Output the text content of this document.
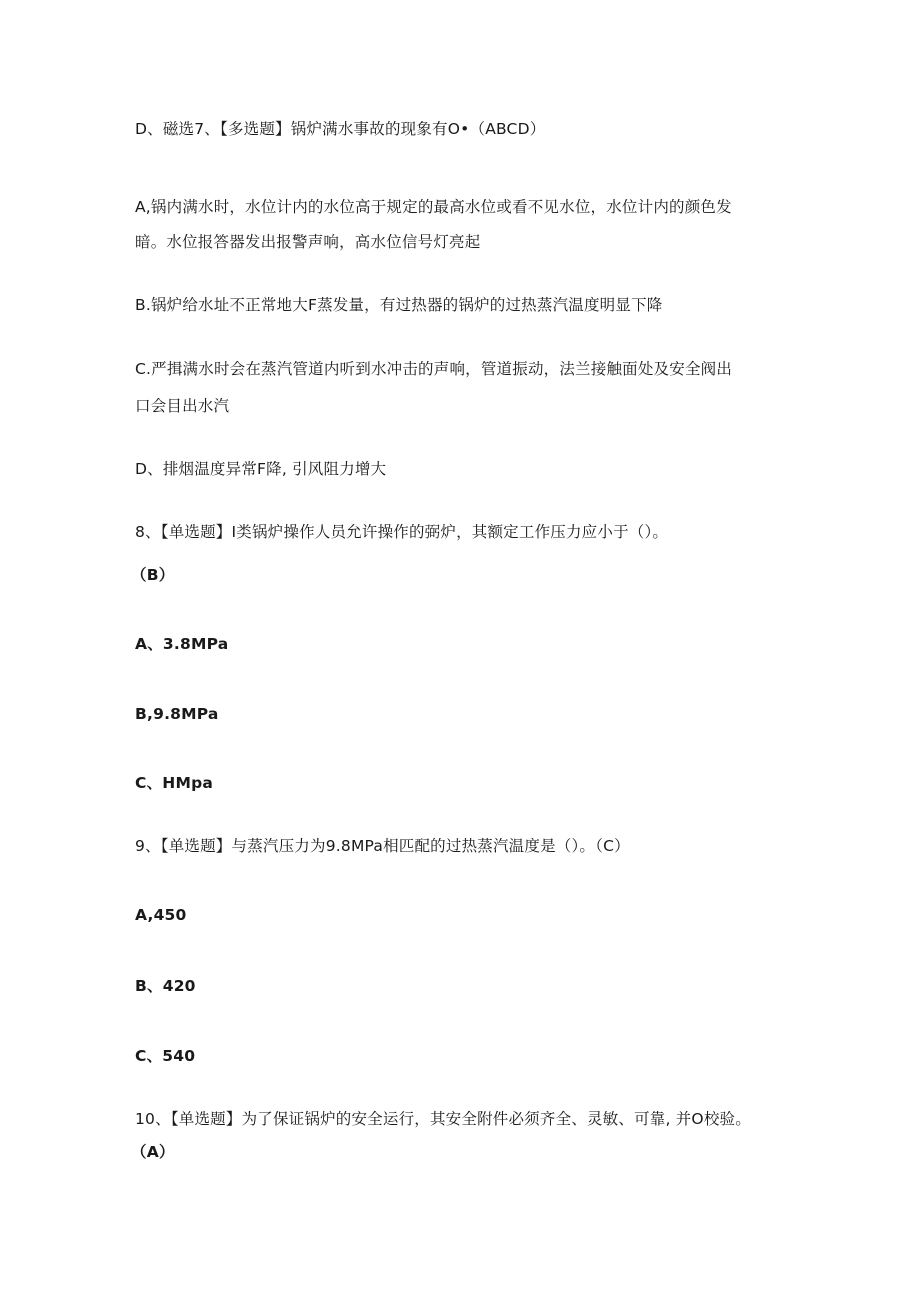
D、磁选7、【多选题】锅炉满水事故的现象有O•（ABCD）
A,锅内满水时，水位计内的水位高于规定的最高水位或看不见水位，水位计内的颜色发
暗。水位报答器发出报警声响，高水位信号灯亮起
B.锅炉给水址不正常地大F蒸发量，有过热器的锅炉的过热蒸汽温度明显下降
C.严揖满水时会在蒸汽管道内听到水冲击的声响，管道振动，法兰接触面处及安全阀出
口会目出水汽
D、排烟温度异常F降, 引风阻力增大
8、【单选题】I类锅炉操作人员允许操作的弼炉，其额定工作压力应小于（）。
（B）
A、3.8MPa
B,9.8MPa
C、HMpa
9、【单选题】与蒸汽压力为9.8MPa相匹配的过热蒸汽温度是（）。（C）
A,450
B、420
C、540
10、【单选题】为了保证锅炉的安全运行，其安全附件必须齐全、灵敏、可靠, 并O校验。
（A）
